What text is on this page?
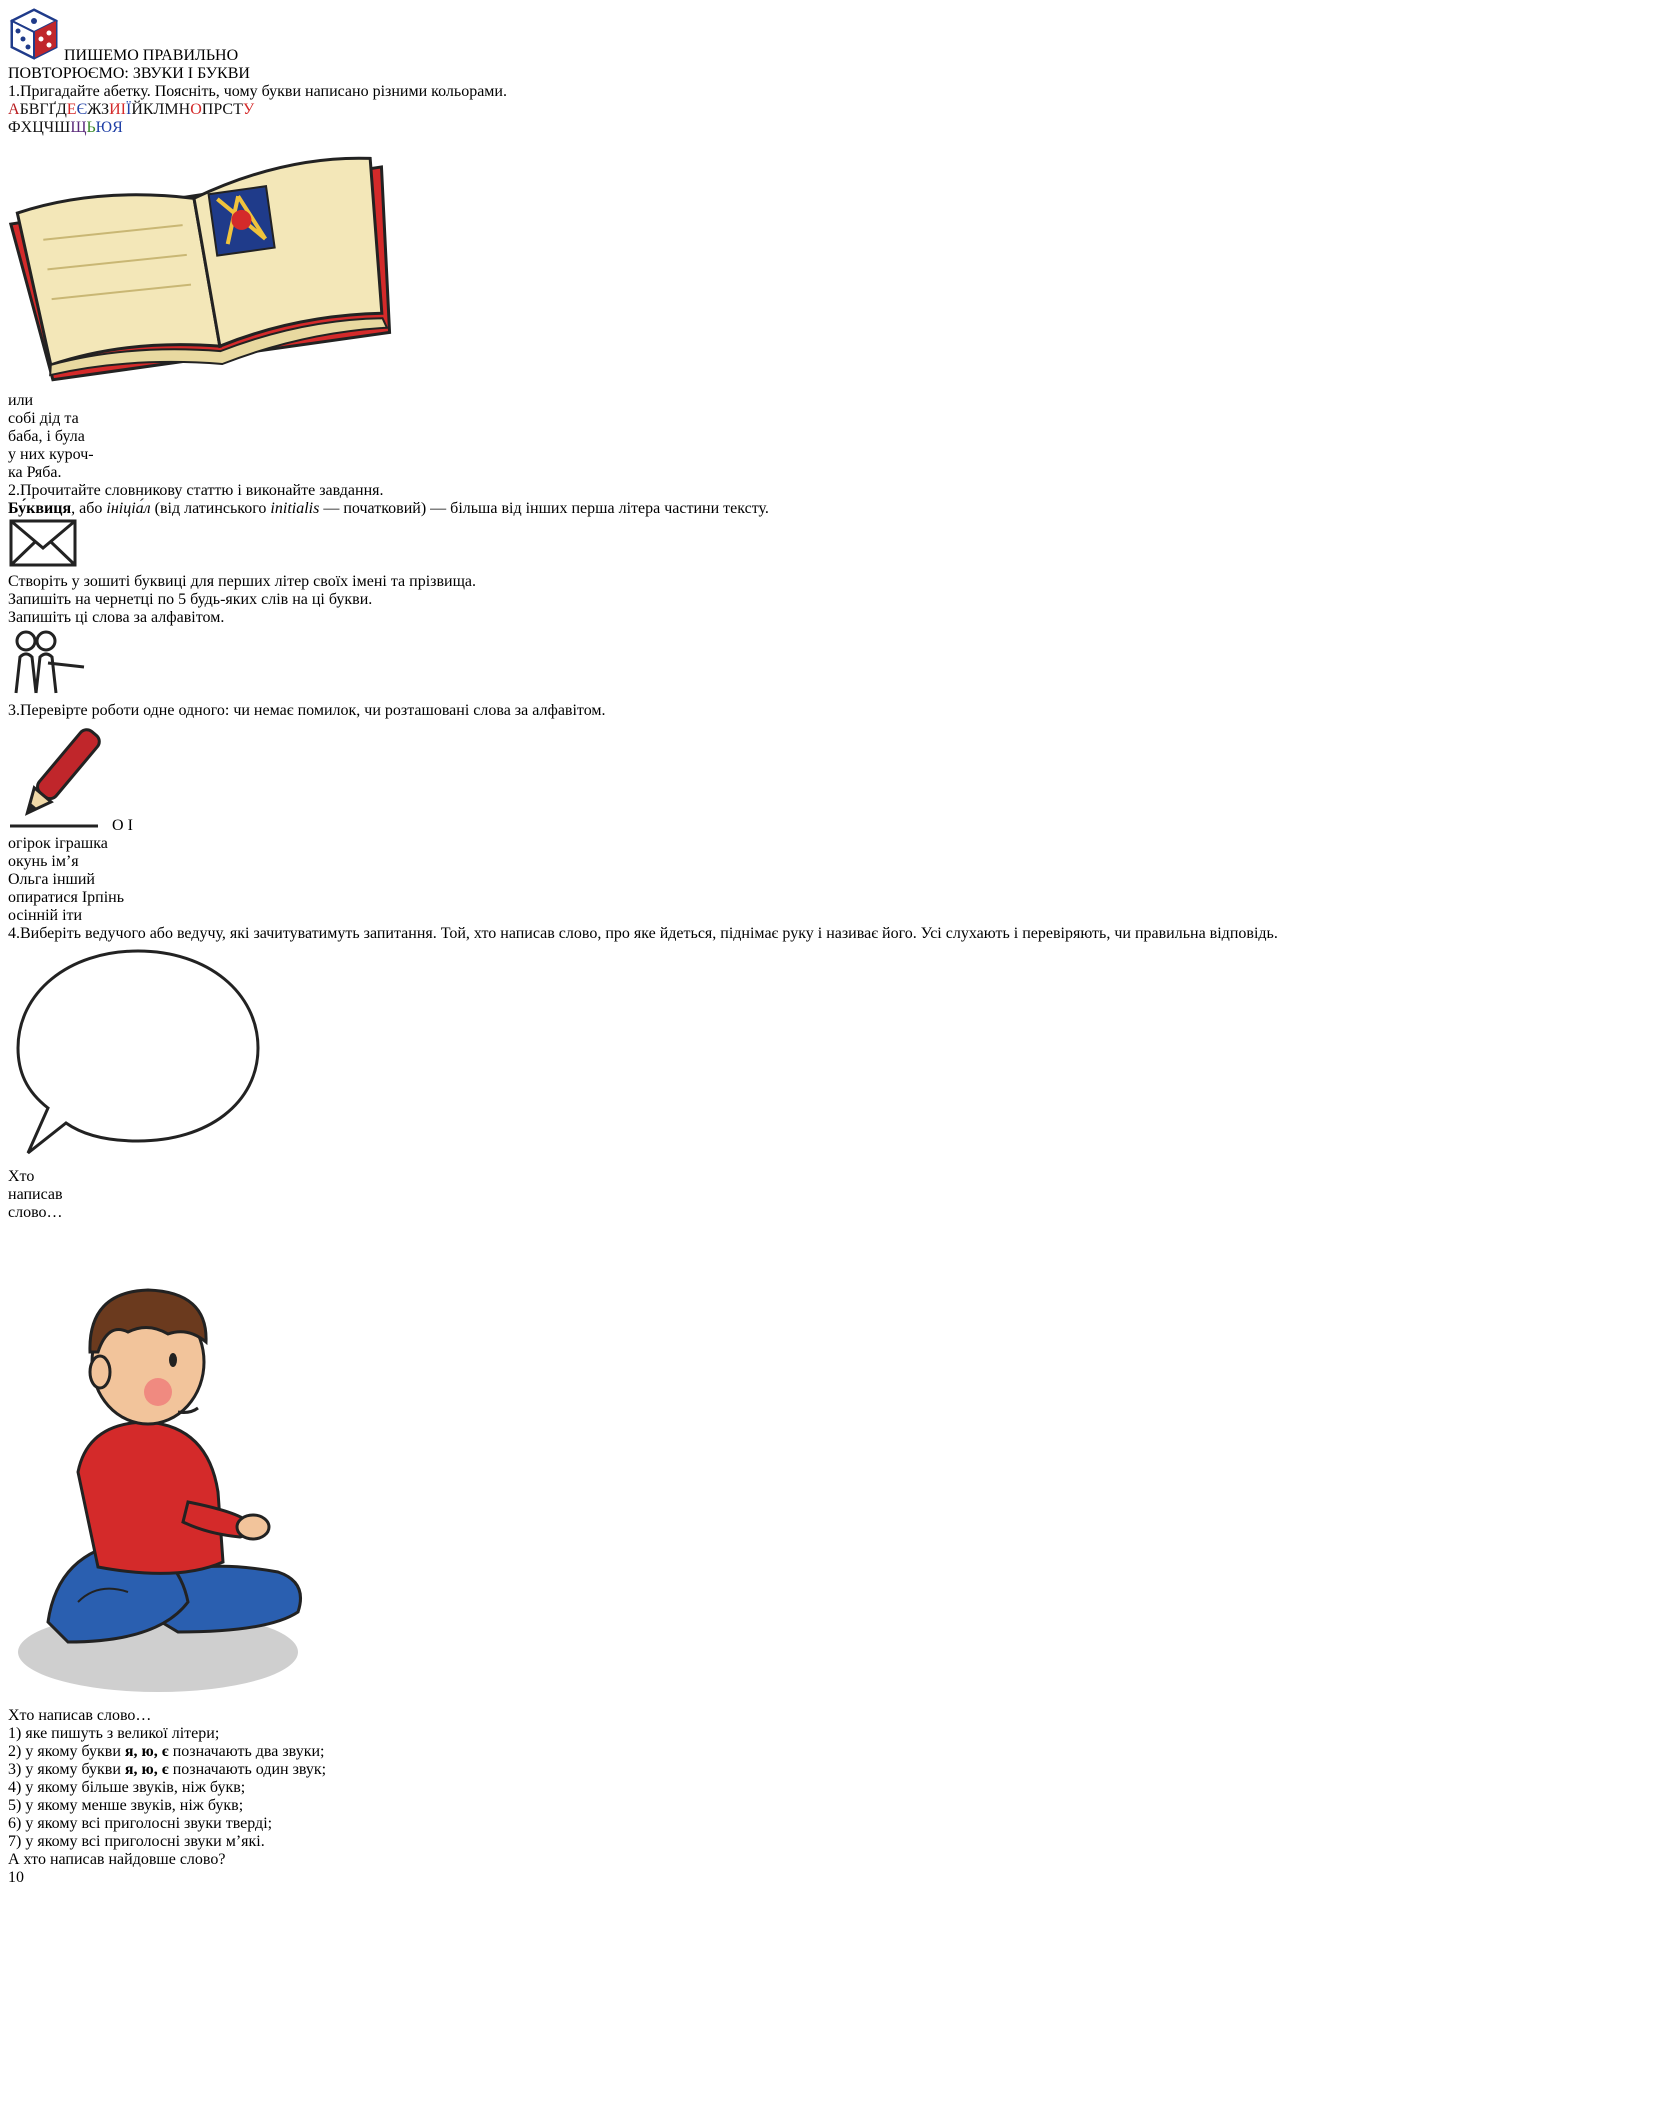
ПИШЕМО ПРАВИЛЬНО
ПОВТОРЮЄМО: ЗВУКИ І БУКВИ
1.Пригадайте абетку. Поясніть, чому букви написано різними кольорами.
АБВГҐДЕЄЖЗИІЇЙКЛМНОПРСТУ
ФХЦЧШЩЬЮЯ
или
собі дід та
баба, і була
у них куроч-
ка Ряба.
2.Прочитайте словникову статтю і виконайте завдання.
Бу́квиця, або ініціа́л (від латинського initialis — початковий) — більша від інших перша літера частини тексту.
Створіть у зошиті буквиці для перших літер своїх імені та прізвища.
Запишіть на чернетці по 5 будь-яких слів на ці букви.
Запишіть ці слова за алфавітом.
3.Перевірте роботи одне одного: чи немає помилок, чи розташовані слова за алфавітом.
О І
огірок іграшка
окунь ім’я
Ольга інший
опиратися Ірпінь
осінній іти
4.Виберіть ведучого або ведучу, які зачитуватимуть запитання. Той, хто написав слово, про яке йдеться, піднімає руку і називає його. Усі слухають і перевіряють, чи правильна відповідь.
Хто
написав
слово…
Хто написав слово…
1) яке пишуть з великої літери;
2) у якому букви я, ю, є позначають два звуки;
3) у якому букви я, ю, є позначають один звук;
4) у якому більше звуків, ніж букв;
5) у якому менше звуків, ніж букв;
6) у якому всі приголосні звуки тверді;
7) у якому всі приголосні звуки м’які.
А хто написав найдовше слово?
10
